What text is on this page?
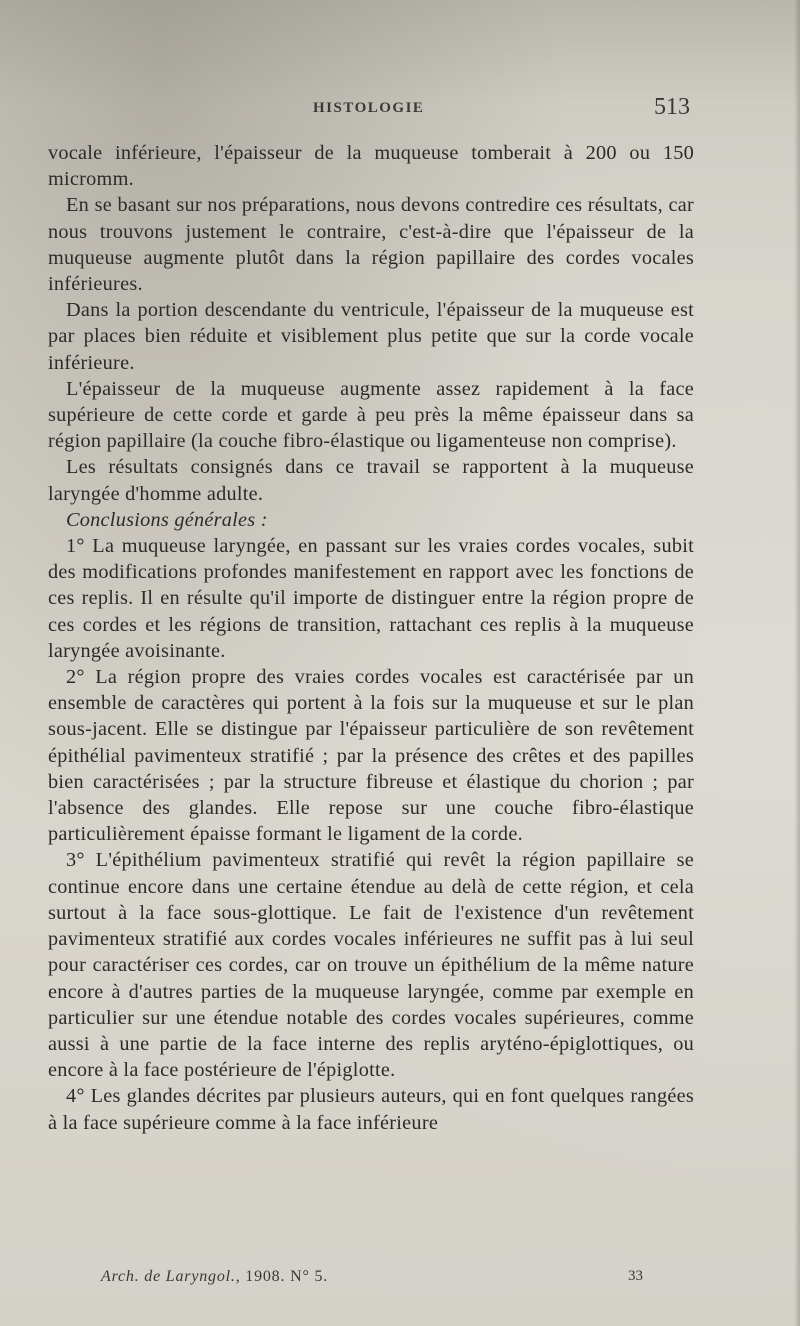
HISTOLOGIE	513

vocale inférieure, l'épaisseur de la muqueuse tomberait à 200 ou 150 micromm.

En se basant sur nos préparations, nous devons contredire ces résultats, car nous trouvons justement le contraire, c'est-à-dire que l'épaisseur de la muqueuse augmente plutôt dans la région papillaire des cordes vocales inférieures.

Dans la portion descendante du ventricule, l'épaisseur de la muqueuse est par places bien réduite et visiblement plus petite que sur la corde vocale inférieure.

L'épaisseur de la muqueuse augmente assez rapidement à la face supérieure de cette corde et garde à peu près la même épaisseur dans sa région papillaire (la couche fibro-élastique ou ligamenteuse non comprise).

Les résultats consignés dans ce travail se rapportent à la muqueuse laryngée d'homme adulte.

Conclusions générales :

1° La muqueuse laryngée, en passant sur les vraies cordes vocales, subit des modifications profondes manifestement en rapport avec les fonctions de ces replis. Il en résulte qu'il importe de distinguer entre la région propre de ces cordes et les régions de transition, rattachant ces replis à la muqueuse laryngée avoisinante.

2° La région propre des vraies cordes vocales est caractérisée par un ensemble de caractères qui portent à la fois sur la muqueuse et sur le plan sous-jacent. Elle se distingue par l'épaisseur particulière de son revêtement épithélial pavimenteux stratifié ; par la présence des crêtes et des papilles bien caractérisées ; par la structure fibreuse et élastique du chorion ; par l'absence des glandes. Elle repose sur une couche fibro-élastique particulièrement épaisse formant le ligament de la corde.

3° L'épithélium pavimenteux stratifié qui revêt la région papillaire se continue encore dans une certaine étendue au delà de cette région, et cela surtout à la face sous-glottique. Le fait de l'existence d'un revêtement pavimenteux stratifié aux cordes vocales inférieures ne suffit pas à lui seul pour caractériser ces cordes, car on trouve un épithélium de la même nature encore à d'autres parties de la muqueuse laryngée, comme par exemple en particulier sur une étendue notable des cordes vocales supérieures, comme aussi à une partie de la face interne des replis aryténo-épiglottiques, ou encore à la face postérieure de l'épiglotte.

4° Les glandes décrites par plusieurs auteurs, qui en font quelques rangées à la face supérieure comme à la face inférieure

Arch. de Laryngol., 1908. N° 5.	33
